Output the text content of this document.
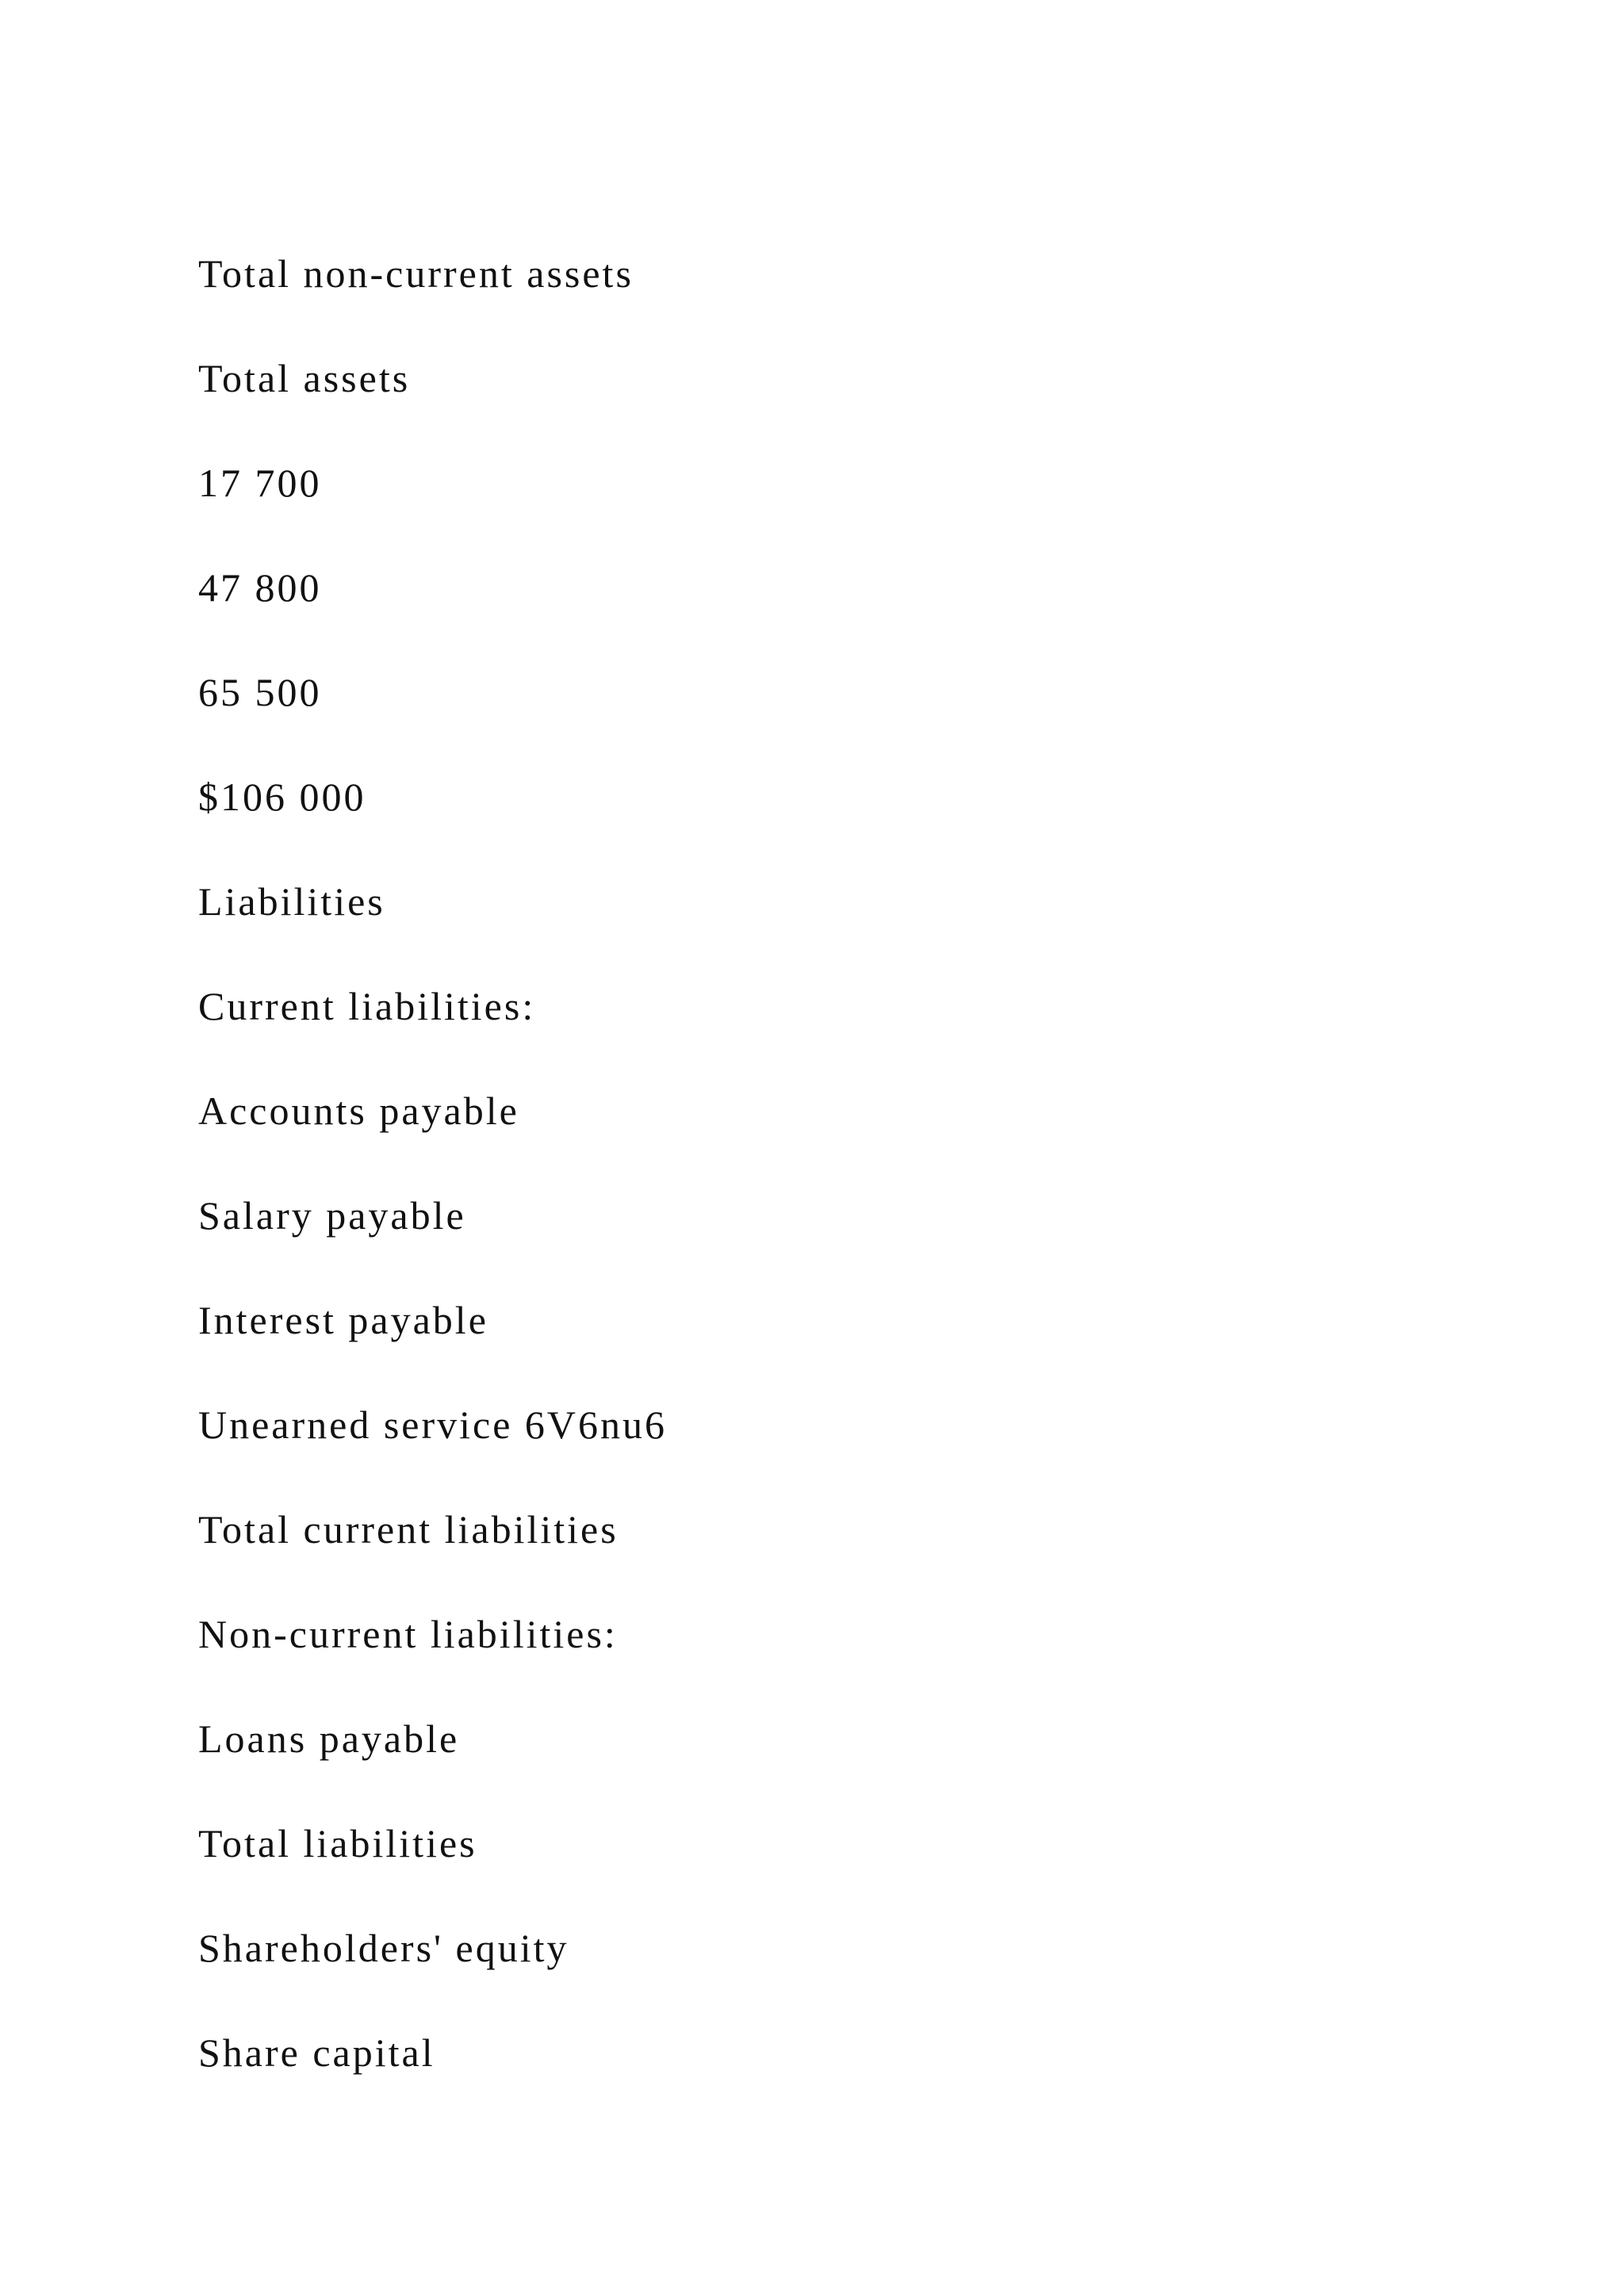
Total non-current assets
Total assets
17 700
47 800
65 500
$106 000
Liabilities
Current liabilities:
Accounts payable
Salary payable
Interest payable
Unearned service 6V6nu6
Total current liabilities
Non-current liabilities:
Loans payable
Total liabilities
Shareholders' equity
Share capital
